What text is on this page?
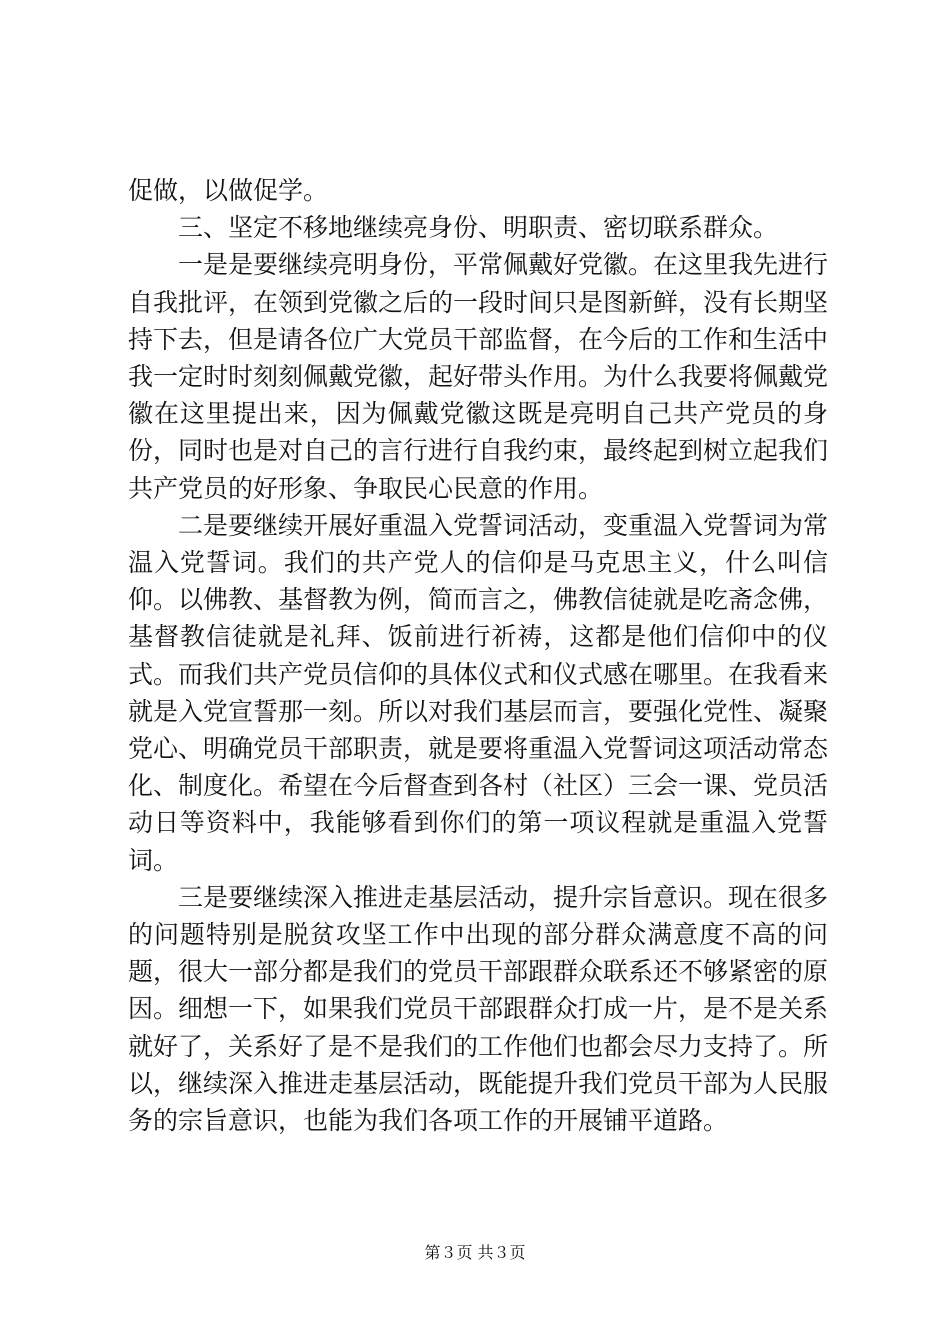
促做，以做促学。

三、坚定不移地继续亮身份、明职责、密切联系群众。

一是是要继续亮明身份，平常佩戴好党徽。在这里我先进行自我批评，在领到党徽之后的一段时间只是图新鲜，没有长期坚持下去，但是请各位广大党员干部监督，在今后的工作和生活中我一定时时刻刻佩戴党徽，起好带头作用。为什么我要将佩戴党徽在这里提出来，因为佩戴党徽这既是亮明自己共产党员的身份，同时也是对自己的言行进行自我约束，最终起到树立起我们共产党员的好形象、争取民心民意的作用。

二是要继续开展好重温入党誓词活动，变重温入党誓词为常温入党誓词。我们的共产党人的信仰是马克思主义，什么叫信仰。以佛教、基督教为例，简而言之，佛教信徒就是吃斋念佛，基督教信徒就是礼拜、饭前进行祈祷，这都是他们信仰中的仪式。而我们共产党员信仰的具体仪式和仪式感在哪里。在我看来就是入党宣誓那一刻。所以对我们基层而言，要强化党性、凝聚党心、明确党员干部职责，就是要将重温入党誓词这项活动常态化、制度化。希望在今后督查到各村（社区）三会一课、党员活动日等资料中，我能够看到你们的第一项议程就是重温入党誓词。

三是要继续深入推进走基层活动，提升宗旨意识。现在很多的问题特别是脱贫攻坚工作中出现的部分群众满意度不高的问题，很大一部分都是我们的党员干部跟群众联系还不够紧密的原因。细想一下，如果我们党员干部跟群众打成一片，是不是关系就好了，关系好了是不是我们的工作他们也都会尽力支持了。所以，继续深入推进走基层活动，既能提升我们党员干部为人民服务的宗旨意识，也能为我们各项工作的开展铺平道路。

第３页 共３页
